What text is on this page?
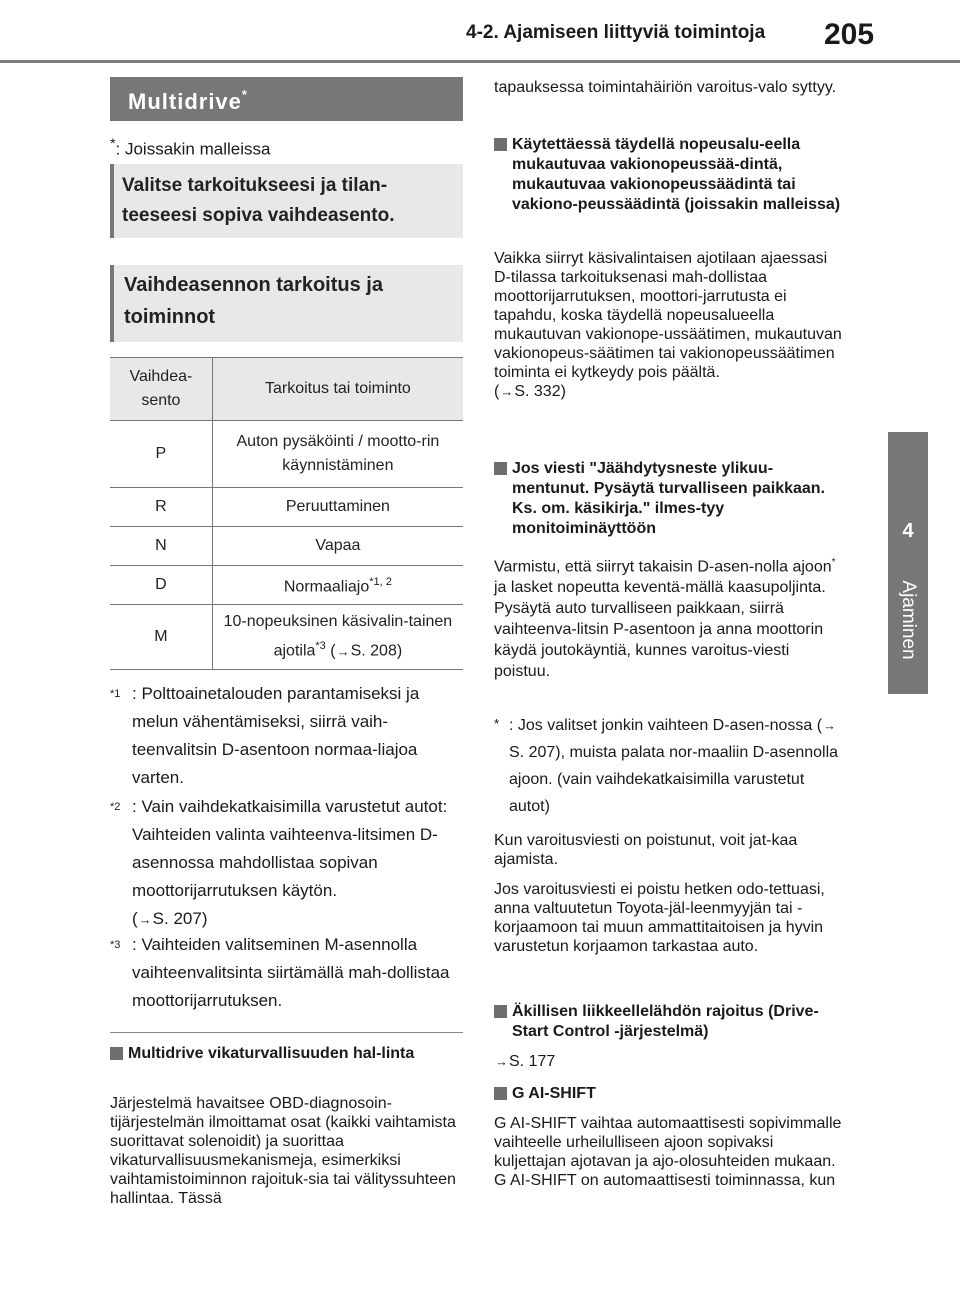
4-2. Ajamiseen liittyviä toimintoja 205
4
Ajaminen
Multidrive*
*: Joissakin malleissa
Valitse tarkoitukseesi ja tilan-teeseesi sopiva vaihdeasento.
Vaihdeasennon tarkoitus ja toiminnot
Vaihdea-sento	Tarkoitus tai toiminto
P	Auton pysäköinti / mootto-rin käynnistäminen
R	Peruuttaminen
N	Vapaa
D	Normaaliajo$^{*1, 2}$
M	10-nopeuksinen käsivalin-tainen ajotila$^{*3}$ (→S. 208)
$^{*1}$ : Polttoainetalouden parantamiseksi ja melun vähentämiseksi, siirrä vaih-teenvalitsin D-asentoon normaa-liajoa varten.
$^{*2}$ : Vain vaihdekatkaisimilla varustetut autot: Vaihteiden valinta vaihteenva-litsimen D-asennossa mahdollistaa sopivan moottorijarrutuksen käytön.
(→S. 207)
$^{*3}$ : Vaihteiden valitseminen M-asennolla vaihteenvalitsinta siirtämällä mah-dollistaa moottorijarrutuksen.
Multidrive vikaturvallisuuden hal-linta
Järjestelmä havaitsee OBD-diagnosoin-tijärjestelmän ilmoittamat osat (kaikki vaihtamista suorittavat solenoidit) ja suorittaa vikaturvallisuusmekanismeja, esimerkiksi vaihtamistoiminnon rajoituk-sia tai välityssuhteen hallintaa. Tässä
tapauksessa toimintahäiriön varoitus-valo syttyy.
Käytettäessä täydellä nopeusalu-eella mukautuvaa vakionopeussää-dintä, mukautuvaa vakionopeussäädintä tai vakiono-peussäädintä (joissakin malleissa)
Vaikka siirryt käsivalintaisen ajotilaan ajaessasi D-tilassa tarkoituksenasi mah-dollistaa moottorijarrutuksen, moottori-jarrutusta ei tapahdu, koska täydellä nopeusalueella mukautuvan vakionope-ussäätimen, mukautuvan vakionopeus-säätimen tai vakionopeussäätimen toiminta ei kytkeydy pois päältä.
(→S. 332)
Jos viesti "Jäähdytysneste ylikuu-mentunut. Pysäytä turvalliseen paikkaan. Ks. om. käsikirja." ilmes-tyy monitoiminäyttöön
Varmistu, että siirryt takaisin D-asen-nolla ajoon* ja lasket nopeutta keventä-mällä kaasupoljinta. Pysäytä auto turvalliseen paikkaan, siirrä vaihteenva-litsin P-asentoon ja anna moottorin käydä joutokäyntiä, kunnes varoitus-viesti poistuu.
* : Jos valitset jonkin vaihteen D-asen-nossa (→S. 207), muista palata nor-maaliin D-asennolla ajoon. (vain vaihdekatkaisimilla varustetut autot)
Kun varoitusviesti on poistunut, voit jat-kaa ajamista.
Jos varoitusviesti ei poistu hetken odo-tettuasi, anna valtuutetun Toyota-jäl-leenmyyjän tai -korjaamoon tai muun ammattitaitoisen ja hyvin varustetun korjaamon tarkastaa auto.
Äkillisen liikkeellelähdön rajoitus (Drive-Start Control -järjestelmä)
→S. 177
G AI-SHIFT
G AI-SHIFT vaihtaa automaattisesti sopivimmalle vaihteelle urheilulliseen ajoon sopivaksi kuljettajan ajotavan ja ajo-olosuhteiden mukaan. G AI-SHIFT on automaattisesti toiminnassa, kun
